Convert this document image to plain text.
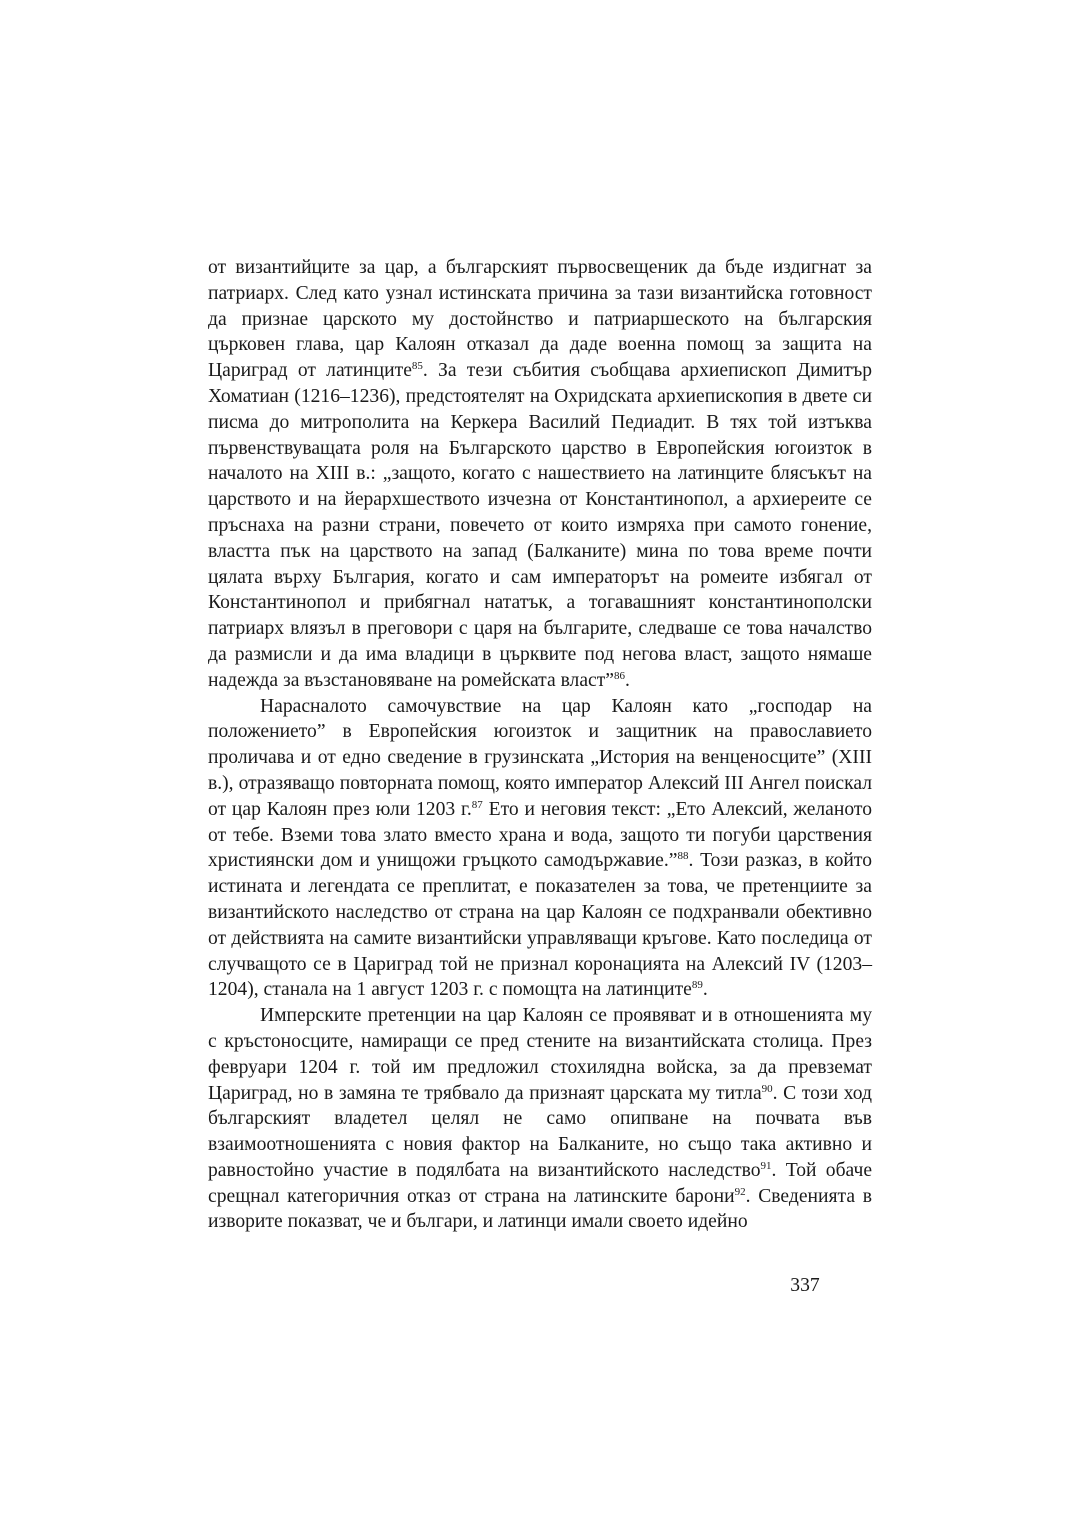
от византийците за цар, а българският първосвещеник да бъде издигнат за патриарх. След като узнал истинската причина за тази византийска готовност да признае царското му достойнство и патриаршеското на българския църковен глава, цар Калоян отказал да даде военна помощ за защита на Цариград от латинците$^{85}$. За тези събития съобщава архиепископ Димитър Хоматиан (1216–1236), предстоятелят на Охридската архиепископия в двете си писма до митрополита на Керкера Василий Педиадит. В тях той изтъква първенствуващата роля на Българското царство в Европейския югоизток в началото на XIII в.: „защото, когато с нашествието на латинците блясъкът на царството и на йерархшеството изчезна от Константинопол, а архиереите се пръснаха на разни страни, повечето от които измряха при самото гонение, властта пък на царството на запад (Балканите) мина по това време почти цялата върху България, когато и сам императорът на ромеите избягал от Константинопол и прибягнал нататък, а тогавашният константинополски патриарх влязъл в преговори с царя на българите, следваше се това началство да размисли и да има владици в църквите под негова власт, защото нямаше надежда за възстановяване на ромейската власт”$^{86}$.

Нарасналото самочувствие на цар Калоян като „господар на положението” в Европейския югоизток и защитник на православието проличава и от едно сведение в грузинската „История на венценосците” (XIII в.), отразяващо повторната помощ, която император Алексий III Ангел поискал от цар Калоян през юли 1203 г.$^{87}$ Ето и неговия текст: „Ето Алексий, желаното от тебе. Вземи това злато вместо храна и вода, защото ти погуби царствения християнски дом и унищожи гръцкото самодържавие.”$^{88}$. Този разказ, в който истината и легендата се преплитат, е показателен за това, че претенциите за византийското наследство от страна на цар Калоян се подхранвали обективно от действията на самите византийски управляващи кръгове. Като последица от случващото се в Цариград той не признал коронацията на Алексий IV (1203–1204), станала на 1 август 1203 г. с помощта на латинците$^{89}$.

Имперските претенции на цар Калоян се проявяват и в отношенията му с кръстоносците, намиращи се пред стените на византийската столица. През февруари 1204 г. той им предложил стохилядна войска, за да превземат Цариград, но в замяна те трябвало да признаят царската му титла$^{90}$. С този ход българският владетел целял не само опипване на почвата във взаимоотношенията с новия фактор на Балканите, но също така активно и равностойно участие в подялбата на византийското наследство$^{91}$. Той обаче срещнал категоричния отказ от страна на латинските барони$^{92}$. Сведенията в изворите показват, че и българи, и латинци имали своето идейно

337
